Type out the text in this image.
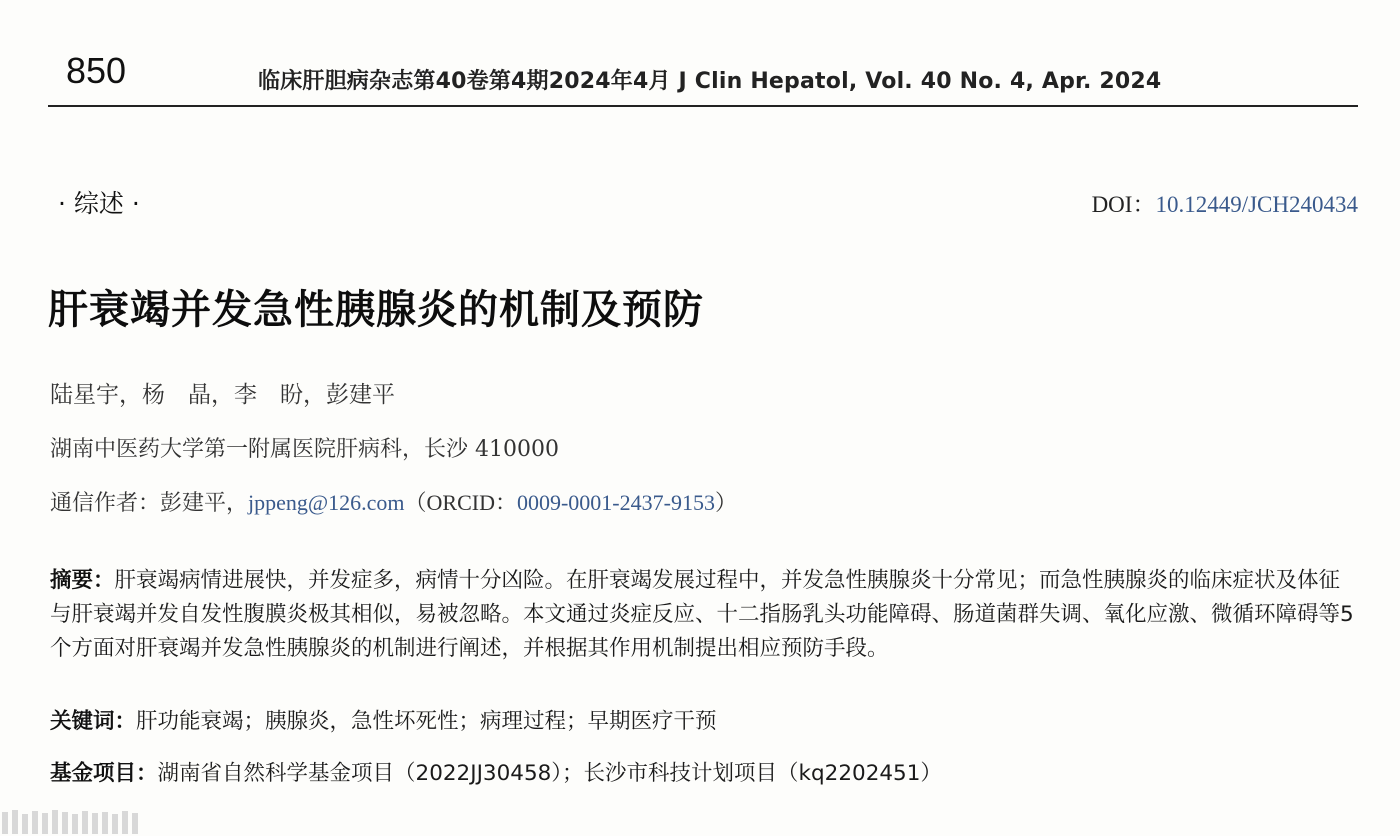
850	临床肝胆病杂志第40卷第4期2024年4月 J Clin Hepatol, Vol. 40 No. 4, Apr. 2024
· 综述 ·	DOI：10.12449/JCH240434
肝衰竭并发急性胰腺炎的机制及预防
陆星宇，杨　晶，李　盼，彭建平
湖南中医药大学第一附属医院肝病科，长沙 410000
通信作者：彭建平，jppeng@126.com（ORCID：0009-0001-2437-9153）
摘要：肝衰竭病情进展快，并发症多，病情十分凶险。在肝衰竭发展过程中，并发急性胰腺炎十分常见；而急性胰腺炎的临床症状及体征与肝衰竭并发自发性腹膜炎极其相似，易被忽略。本文通过炎症反应、十二指肠乳头功能障碍、肠道菌群失调、氧化应激、微循环障碍等5个方面对肝衰竭并发急性胰腺炎的机制进行阐述，并根据其作用机制提出相应预防手段。
关键词：肝功能衰竭；胰腺炎，急性坏死性；病理过程；早期医疗干预
基金项目：湖南省自然科学基金项目（2022JJ30458）；长沙市科技计划项目（kq2202451）
